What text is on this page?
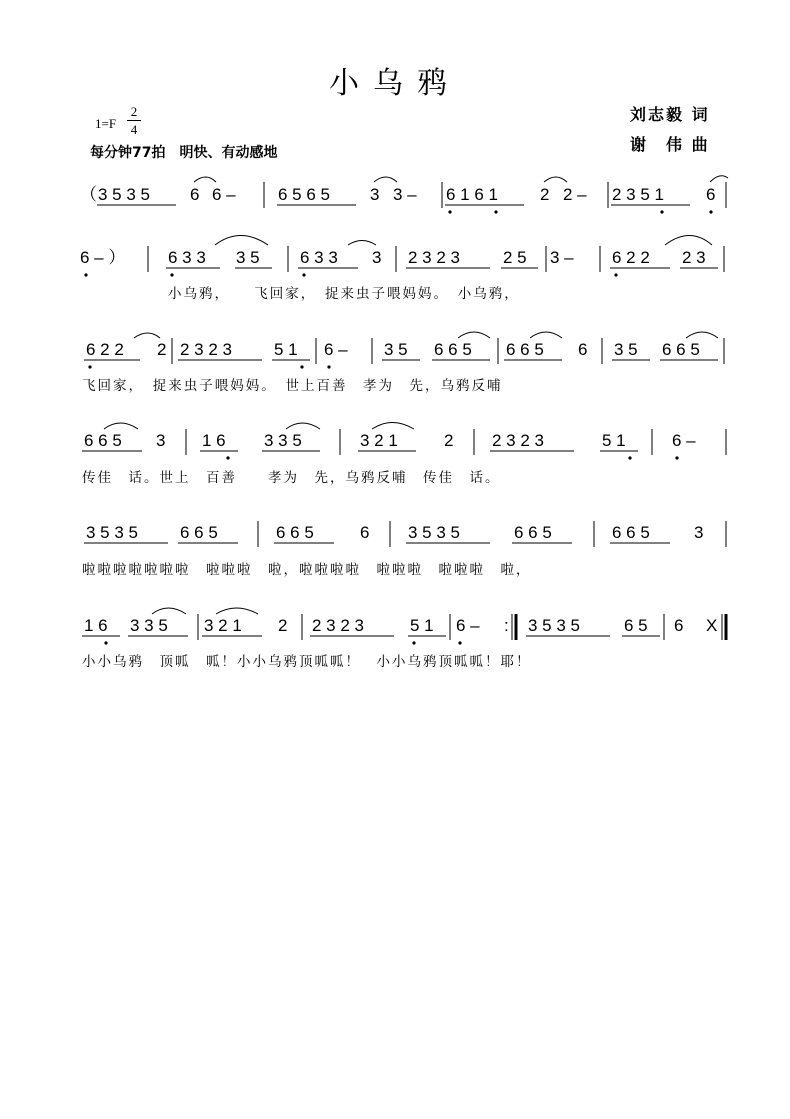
小乌鸦
1=F
2
4
每分钟77拍　明快、有动感地
刘志毅 词
谢　伟 曲
（ 3 5 3 5 6 6 – 6 5 6 5 3 3 – 6 1 6 1 2 2 – 2 3 5 1 6
6 – ）	6 3 3 3 5 6 3 3 3 2 3 2 3	2 5 3 – 6 2 2 2 3
小乌鸦，　　飞回家，　捉来虫子喂妈妈。　小乌鸦，
6 2 2 2 2 3 2 3 5 1 6 – 3 5 6 6 5 6 6 5 6 3 5 6 6 5
飞回家，　捉来虫子喂妈妈。　世上百善　孝为　先，乌鸦反哺
6 6 5 3 1 6 3 3 5	3 2 1	2 2 3 2 3	5 1	6 –
传佳　话。世上　百善　　孝为　先，乌鸦反哺　传佳　话。
3 5 3 5 6 6 5	6 6 5	6 3 5 3 5	6 6 5	6 6 5	3
啦啦啦啦啦啦啦　啦啦啦　啦，啦啦啦啦　啦啦啦　啦啦啦　啦，
1 6 3 3 5 3 2 1 2 2 3 2 3	5 1 6 – : 3 5 3 5	6 5 6 X
小小乌鸦　顶呱　呱！小小乌鸦顶呱呱！　小小乌鸦顶呱呱！耶！
